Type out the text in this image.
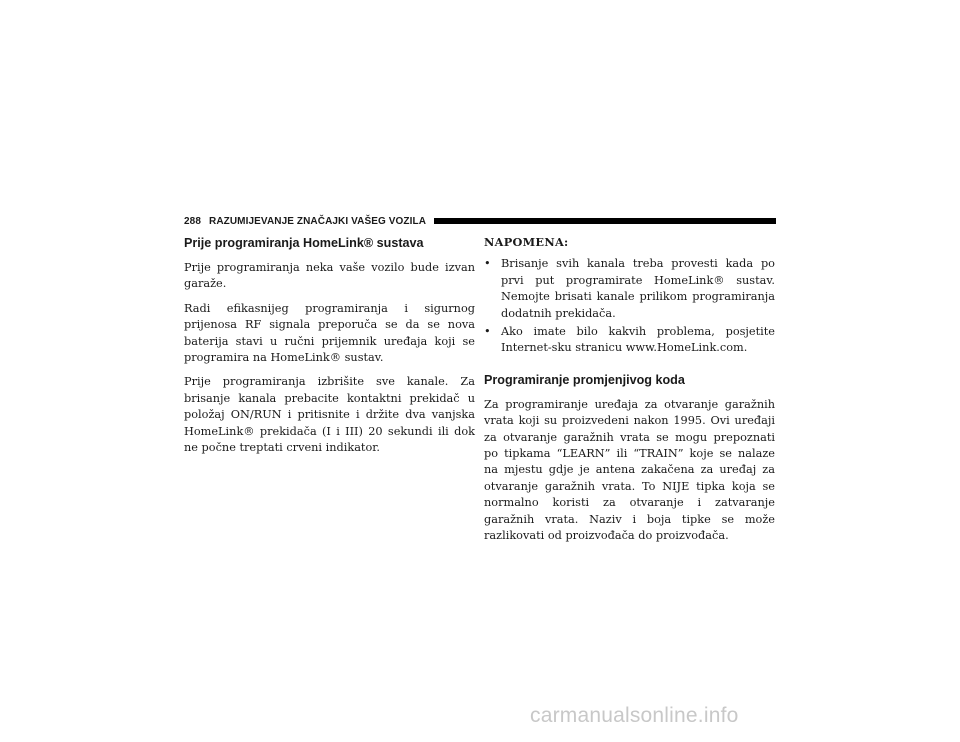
288 RAZUMIJEVANJE ZNAČAJKI VAŠEG VOZILA
Prije programiranja HomeLink® sustava

Prije programiranja neka vaše vozilo bude izvan garaže.

Radi efikasnijeg programiranja i sigurnog prijenosa RF signala preporuča se da se nova baterija stavi u ručni prijemnik uređaja koji se programira na HomeLink® sustav.

Prije programiranja izbrišite sve kanale. Za brisanje kanala prebacite kontaktni prekidač u položaj ON/RUN i pritisnite i držite dva vanjska HomeLink® prekidača (I i III) 20 sekundi ili dok ne počne treptati crveni indikator.

NAPOMENA:
• Brisanje svih kanala treba provesti kada po prvi put programirate HomeLink® sustav. Nemojte brisati kanale prilikom programiranja dodatnih prekidača.
• Ako imate bilo kakvih problema, posjetite Internet-sku stranicu www.HomeLink.com.
Programiranje promjenjivog koda

Za programiranje uređaja za otvaranje garažnih vrata koji su proizvedeni nakon 1995. Ovi uređaji za otvaranje garažnih vrata se mogu prepoznati po tipkama “LEARN” ili “TRAIN” koje se nalaze na mjestu gdje je antena zakačena za uređaj za otvaranje garažnih vrata. To NIJE tipka koja se normalno koristi za otvaranje i zatvaranje garažnih vrata. Naziv i boja tipke se može razlikovati od proizvođača do proizvođača.

carmanualsonline.info
